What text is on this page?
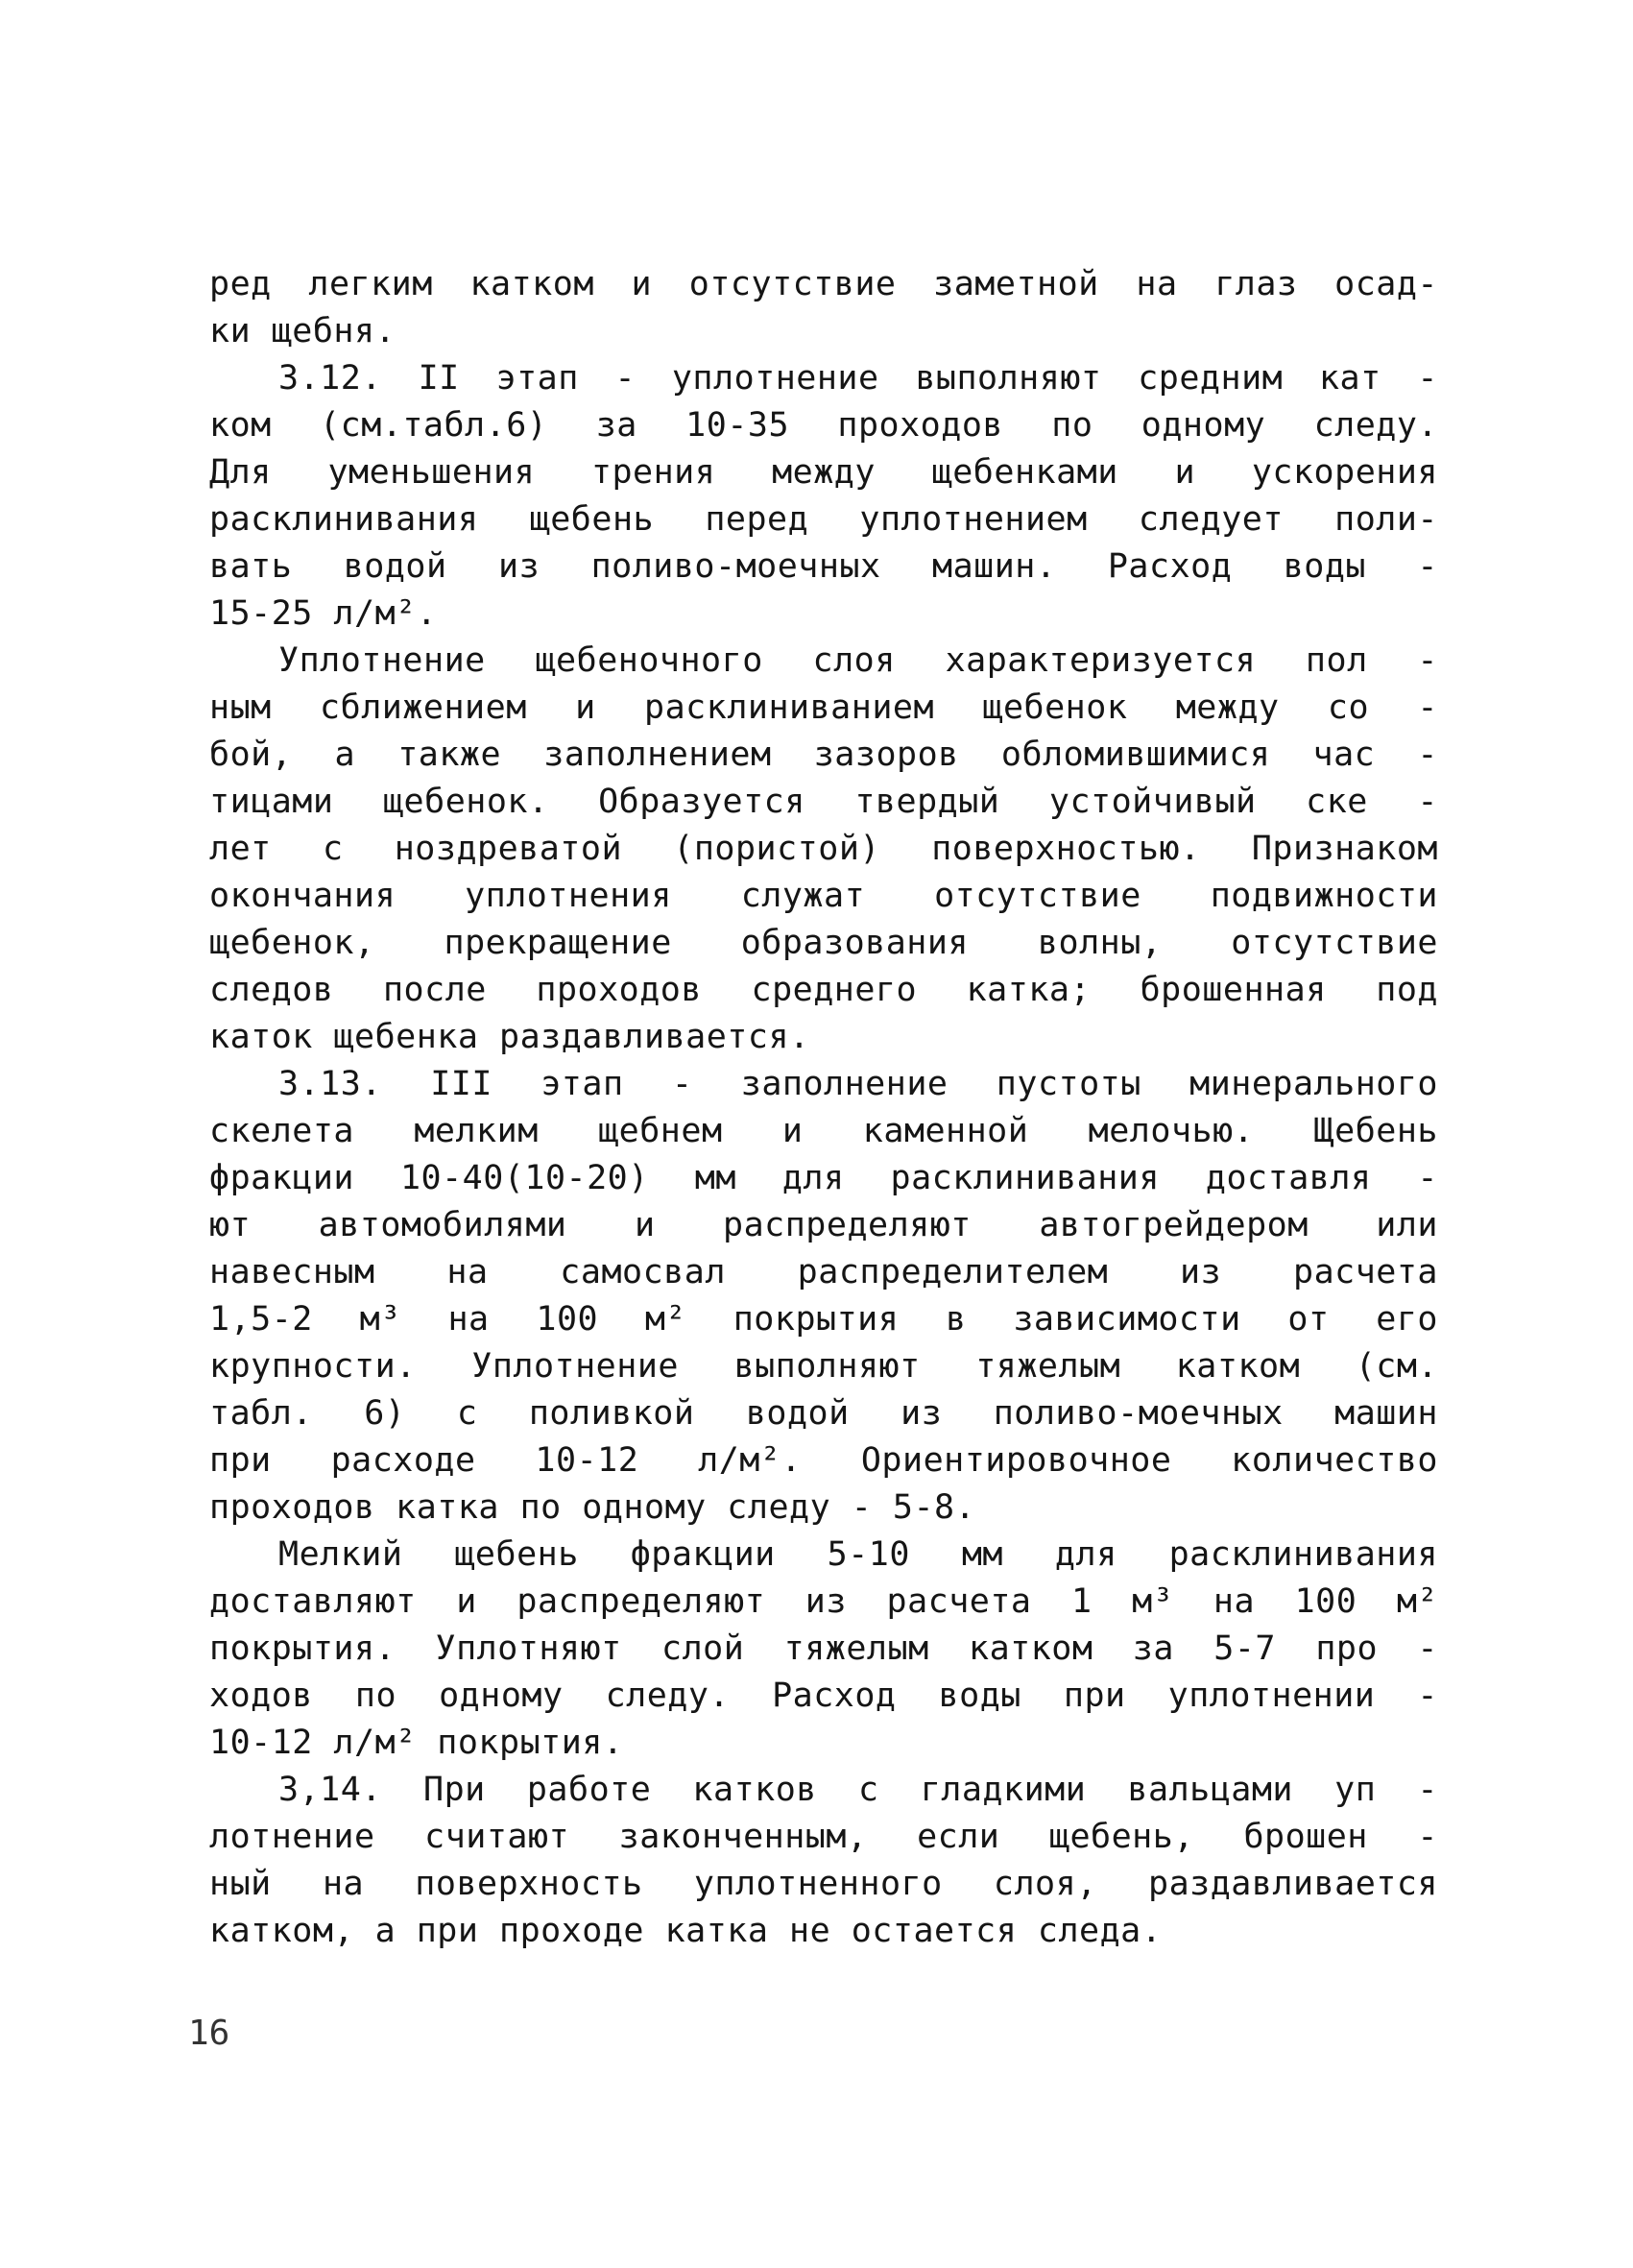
ред легким катком и отсутствие заметной на глаз осад-
ки щебня.
3.12. II этап - уплотнение выполняют средним кат -
ком (см.табл.6) за 10-35 проходов по одному следу.
Для уменьшения трения между щебенками и ускорения
расклинивания щебень перед уплотнением следует поли-
вать водой из поливо-моечных машин. Расход воды -
15-25 л/м².
Уплотнение щебеночного слоя характеризуется пол -
ным сближением и расклиниванием щебенок между со -
бой, а также заполнением зазоров обломившимися час -
тицами щебенок. Образуется твердый устойчивый ске -
лет с ноздреватой (пористой) поверхностью. Признаком
окончания уплотнения служат отсутствие подвижности
щебенок, прекращение образования волны, отсутствие
следов после проходов среднего катка; брошенная под
каток щебенка раздавливается.
3.13. III этап - заполнение пустоты минерального
скелета мелким щебнем и каменной мелочью. Щебень
фракции 10-40(10-20) мм для расклинивания доставля -
ют автомобилями и распределяют автогрейдером или
навесным на самосвал распределителем из расчета
1,5-2 м³ на 100 м² покрытия в зависимости от его
крупности. Уплотнение выполняют тяжелым катком (см.
табл. 6) с поливкой водой из поливо-моечных машин
при расходе 10-12 л/м². Ориентировочное количество
проходов катка по одному следу - 5-8.
Мелкий щебень фракции 5-10 мм для расклинивания
доставляют и распределяют из расчета 1 м³ на 100 м²
покрытия. Уплотняют слой тяжелым катком за 5-7 про -
ходов по одному следу. Расход воды при уплотнении -
10-12 л/м² покрытия.
3,14. При работе катков с гладкими вальцами уп -
лотнение считают законченным, если щебень, брошен -
ный на поверхность уплотненного слоя, раздавливается
катком, а при проходе катка не остается следа.
16
